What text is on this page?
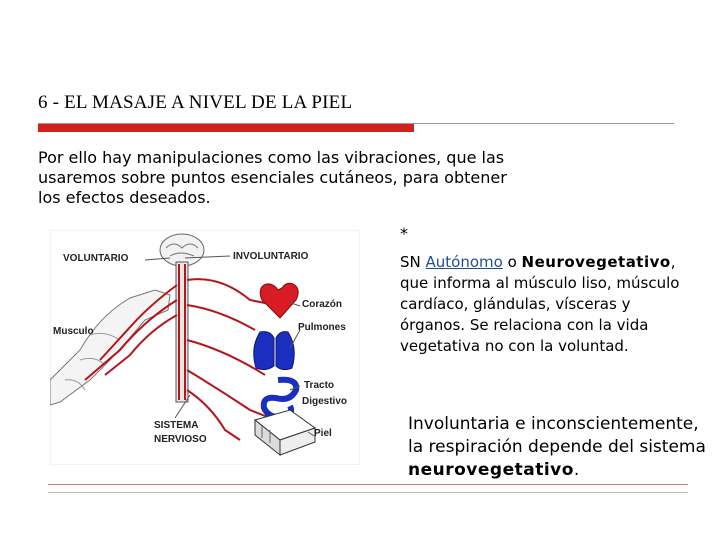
6 - EL MASAJE A NIVEL DE LA PIEL
Por ello hay manipulaciones como las vibraciones, que las usaremos sobre puntos esenciales cutáneos, para obtener los efectos deseados.
VOLUNTARIO	INVOLUNTARIO
Corazón
Musculo	Pulmones
Tracto
Digestivo
SISTEMA
NERVIOSO
Piel
*
SN Autónomo o Neurovegetativo, que informa al músculo liso, músculo cardíaco, glándulas, vísceras y órganos. Se relaciona con la vida vegetativa no con la voluntad.
Involuntaria e inconscientemente, la respiración depende del sistema neurovegetativo.
